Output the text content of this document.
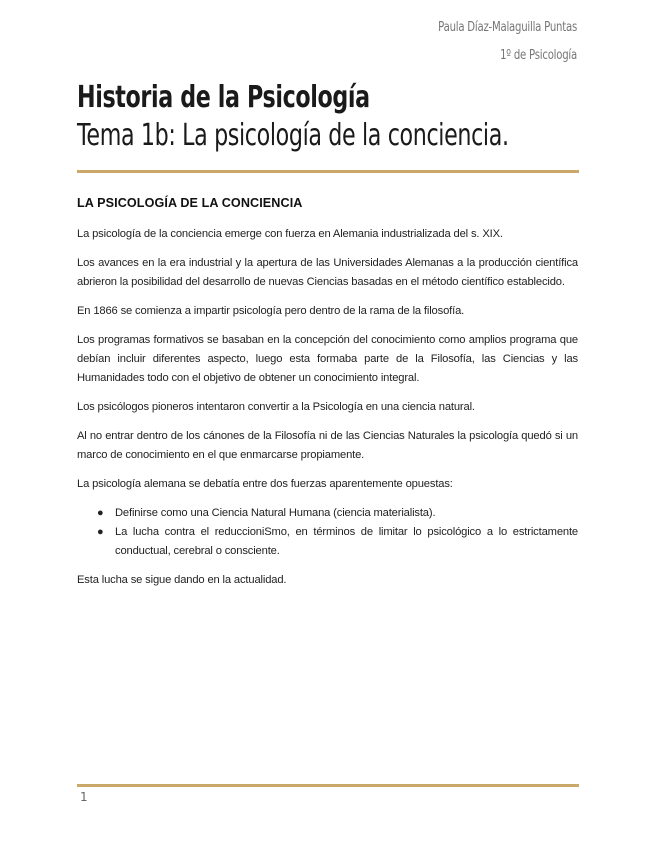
Paula Díaz-Malaguilla Puntas
1º de Psicología
Historia de la Psicología
Tema 1b: La psicología de la conciencia.
LA PSICOLOGÍA DE LA CONCIENCIA

La psicología de la conciencia emerge con fuerza en Alemania industrializada del s. XIX.

Los avances en la era industrial y la apertura de las Universidades Alemanas a la producción científica abrieron la posibilidad del desarrollo de nuevas Ciencias basadas en el método científico establecido.

En 1866 se comienza a impartir psicología pero dentro de la rama de la filosofía.

Los programas formativos se basaban en la concepción del conocimiento como amplios programa que debían incluir diferentes aspecto, luego esta formaba parte de la Filosofía, las Ciencias y las Humanidades todo con el objetivo de obtener un conocimiento integral.

Los psicólogos pioneros intentaron convertir a la Psicología en una ciencia natural.

Al no entrar dentro de los cánones de la Filosofía ni de las Ciencias Naturales la psicología quedó si un marco de conocimiento en el que enmarcarse propiamente.

La psicología alemana se debatía entre dos fuerzas aparentemente opuestas:

● Definirse como una Ciencia Natural Humana (ciencia materialista).
● La lucha contra el reduccioniSmo, en términos de limitar lo psicológico a lo estrictamente conductual, cerebral o consciente.

Esta lucha se sigue dando en la actualidad.

1
